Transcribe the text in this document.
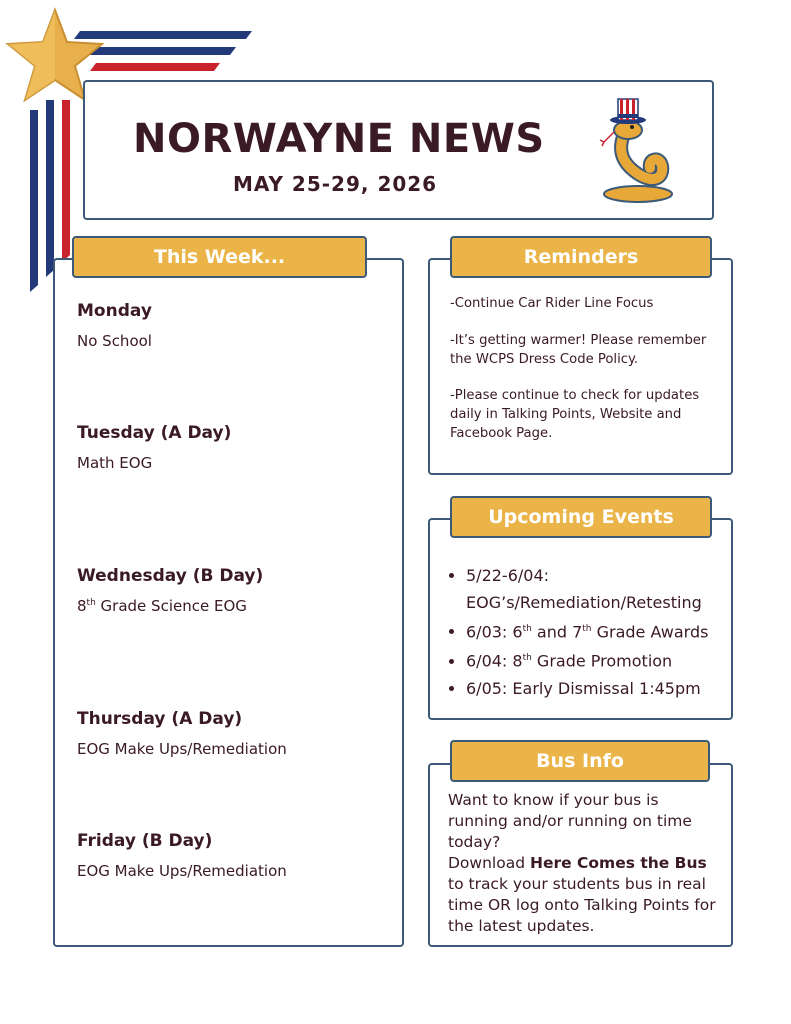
NORWAYNE NEWS
MAY 25-29, 2026
This Week...
Monday
No School
Tuesday (A Day)
Math EOG
Wednesday (B Day)
8th Grade Science EOG
Thursday (A Day)
EOG Make Ups/Remediation
Friday (B Day)
EOG Make Ups/Remediation
Reminders
-Continue Car Rider Line Focus
-It’s getting warmer! Please remember the WCPS Dress Code Policy.
-Please continue to check for updates daily in Talking Points, Website and Facebook Page.
Upcoming Events
• 5/22-6/04: EOG’s/Remediation/Retesting
• 6/03: 6th and 7th Grade Awards
• 6/04: 8th Grade Promotion
• 6/05: Early Dismissal 1:45pm
Bus Info
Want to know if your bus is running and/or running on time today?
Download Here Comes the Bus to track your students bus in real time OR log onto Talking Points for the latest updates.
